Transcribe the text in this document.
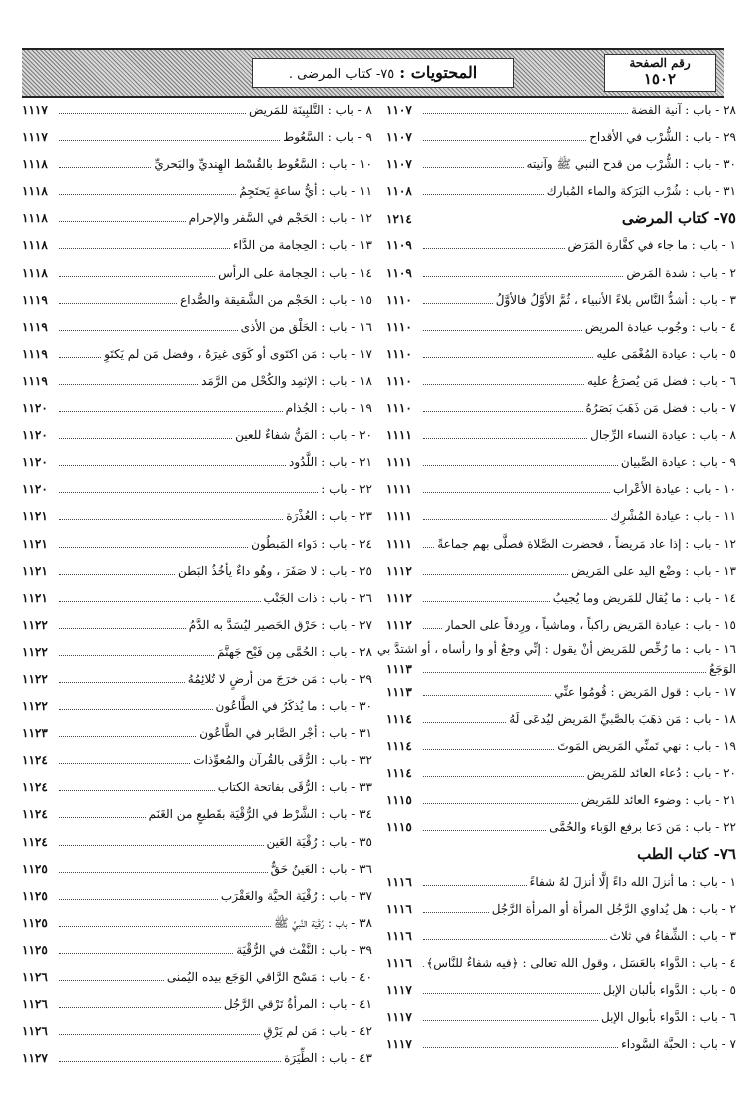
رقم الصفحة
١٥٠٢
المحتويات : ٧٥- كتاب المرضى .
٢٨ - باب : آنية الفضة
١١٠٧
٢٩ - باب : الشُّرْب في الأقداح
١١٠٧
٣٠ - باب : الشُّرْب من قدح النبي ﷺ وآنيته
١١٠٧
٣١ - باب : شُرْب البَرَكة والماء المُبارك
١١٠٨
٧٥- كتاب المرضى
١٢١٤
١ - باب : ما جاء في كفَّارة المَرَض
١١٠٩
٢ - باب : شدة المَرض
١١٠٩
٣ - باب : أشدُّ النَّاس بلاءً الأنبياء ، ثُمَّ الأوَّلُ فالأوَّلُ
١١١٠
٤ - باب : وجُوب عيادة المريض
١١١٠
٥ - باب : عيادة المُغْمَى عليه
١١١٠
٦ - باب : فضل مَن يُصرَعُ عليه
١١١٠
٧ - باب : فضل مَن ذَهَبَ بَصَرُهُ
١١١٠
٨ - باب : عيادة النساء الرِّجال
١١١١
٩ - باب : عيادة الصِّبيان
١١١١
١٠ - باب : عيادة الأعْراب
١١١١
١١ - باب : عيادة المُشْرِك
١١١١
١٢ - باب : إذا عاد مَريضاً ، فحضرت الصَّلاة فصلَّى بهم جماعةً
١١١١
١٣ - باب : وضْع اليد على المَريض
١١١٢
١٤ - باب : ما يُقال للمَريض وما يُجيبُ
١١١٢
١٥ - باب : عيادة المَريض راكباً ، وماشياً ، ورِدفاً على الحمار
١١١٢
١٦ - باب : ما رُخِّص للمَريض أنْ يقول : إنِّي وجعٌ أو وا رأساه ، أو اشتدَّ بي
الوَجَعُ
١١١٣
١٧ - باب : قول المَريض : قُومُوا عنِّي
١١١٣
١٨ - باب : مَن ذهَبَ بالصَّبيِّ المَريض ليُدعَى لَهُ
١١١٤
١٩ - باب : نهي تَمنِّي المَريض المَوتَ
١١١٤
٢٠ - باب : دُعاء العائد للمَريض
١١١٤
٢١ - باب : وضوء العائد للمَريض
١١١٥
٢٢ - باب : مَن دَعا برفع الوَباء والحُمَّى
١١١٥
٧٦- كتاب الطب
١ - باب : ما أنزلَ الله داءً إلَّا أنزلَ لهُ شفاءً
١١١٦
٢ - باب : هل يُداوي الرَّجُل المرأة أو المرأة الرَّجُل
١١١٦
٣ - باب : الشِّفاءُ في ثلاث
١١١٦
٤ - باب : الدَّواء بالعَسَل ، وقول الله تعالى : ﴿فيه شفاءٌ للنَّاس﴾
١١١٦
٥ - باب : الدَّواء بألبان الإبل
١١١٧
٦ - باب : الدَّواء بأبوال الإبل
١١١٧
٧ - باب : الحبَّة السَّوداء
١١١٧
٨ - باب : التَّلبِينَة للمَريض
١١١٧
٩ - باب : السَّعُوط
١١١٧
١٠ - باب : السَّعُوط بالقُسْط الهِنديِّ والبَحريِّ
١١١٨
١١ - باب : أيُّ ساعةٍ يَحتَجِمُ
١١١٨
١٢ - باب : الحَجْم في السَّفر والإحرام
١١١٨
١٣ - باب : الحِجامة من الدَّاء
١١١٨
١٤ - باب : الحِجامة على الرأس
١١١٨
١٥ - باب : الحَجْم من الشَّقيقة والصُّداع
١١١٩
١٦ - باب : الحَلْق من الأذى
١١١٩
١٧ - باب : مَن اكتَوى أو كَوَى غيرَهُ ، وفضل مَن لم يَكتَوِ
١١١٩
١٨ - باب : الإثمِد والكُحْل من الرَّمَد
١١١٩
١٩ - باب : الجُذام
١١٢٠
٢٠ - باب : المَنُّ شفاءٌ للعين
١١٢٠
٢١ - باب : اللَّدُود
١١٢٠
٢٢ - باب :
١١٢٠
٢٣ - باب : العُذْرَة
١١٢١
٢٤ - باب : دَواء المَبطُون
١١٢١
٢٥ - باب : لا صَفَرَ ، وهُو داءٌ يأخُذُ البَطن
١١٢١
٢٦ - باب : ذات الجَنْب
١١٢١
٢٧ - باب : حَرْق الحَصير ليُسَدَّ به الدَّمُ
١١٢٢
٢٨ - باب : الحُمَّى مِن فَيْح جَهنَّمَ
١١٢٢
٢٩ - باب : مَن خرَجَ من أرضٍ لا تُلائِمُهُ
١١٢٢
٣٠ - باب : ما يُذكَرُ في الطَّاعُون
١١٢٢
٣١ - باب : أجْر الصَّابر في الطَّاعُون
١١٢٣
٣٢ - باب : الرُّقَى بالقُرآن والمُعوِّذات
١١٢٤
٣٣ - باب : الرُّقَى بفاتحة الكتاب
١١٢٤
٣٤ - باب : الشَّرْط في الرُّقْيَة بقَطيعٍ من الغَنَم
١١٢٤
٣٥ - باب : رُقْيَة العَين
١١٢٤
٣٦ - باب : العَينُ حَقٌّ
١١٢٥
٣٧ - باب : رُقْيَة الحيَّة والعَقْرَب
١١٢٥
٣٨ - باب : رُقْيَة النَّبيِّ ﷺ
١١٢٥
٣٩ - باب : النَّفْث في الرُّقْيَة
١١٢٥
٤٠ - باب : مَسْح الرَّاقي الوَجَع بيده اليُمنى
١١٢٦
٤١ - باب : المرأةُ تَرْقي الرَّجُل
١١٢٦
٤٢ - باب : مَن لم يَرْقِ
١١٢٦
٤٣ - باب : الطِّيَرَة
١١٢٧
